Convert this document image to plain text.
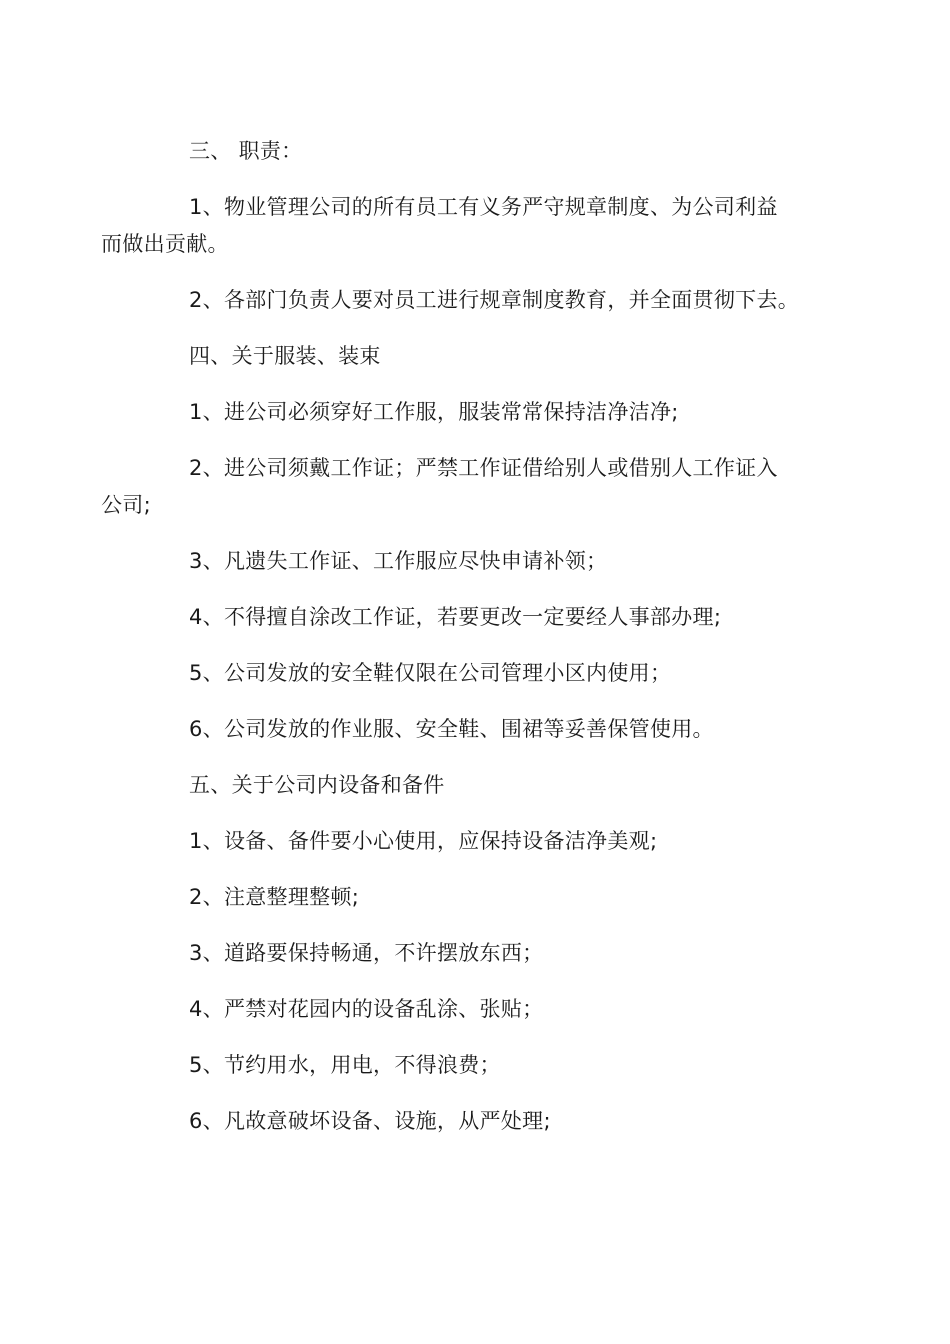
三、 职责：

1、物业管理公司的所有员工有义务严守规章制度、为公司利益
而做出贡献。

2、各部门负责人要对员工进行规章制度教育，并全面贯彻下去。

四、关于服装、装束

1、进公司必须穿好工作服，服装常常保持洁净洁净;

2、进公司须戴工作证；严禁工作证借给别人或借别人工作证入
公司;

3、凡遗失工作证、工作服应尽快申请补领；

4、不得擅自涂改工作证，若要更改一定要经人事部办理;

5、公司发放的安全鞋仅限在公司管理小区内使用；

6、公司发放的作业服、安全鞋、围裙等妥善保管使用。

五、关于公司内设备和备件

1、设备、备件要小心使用，应保持设备洁净美观;

2、注意整理整顿;

3、道路要保持畅通，不许摆放东西；

4、严禁对花园内的设备乱涂、张贴；

5、节约用水，用电，不得浪费；

6、凡故意破坏设备、设施，从严处理;
